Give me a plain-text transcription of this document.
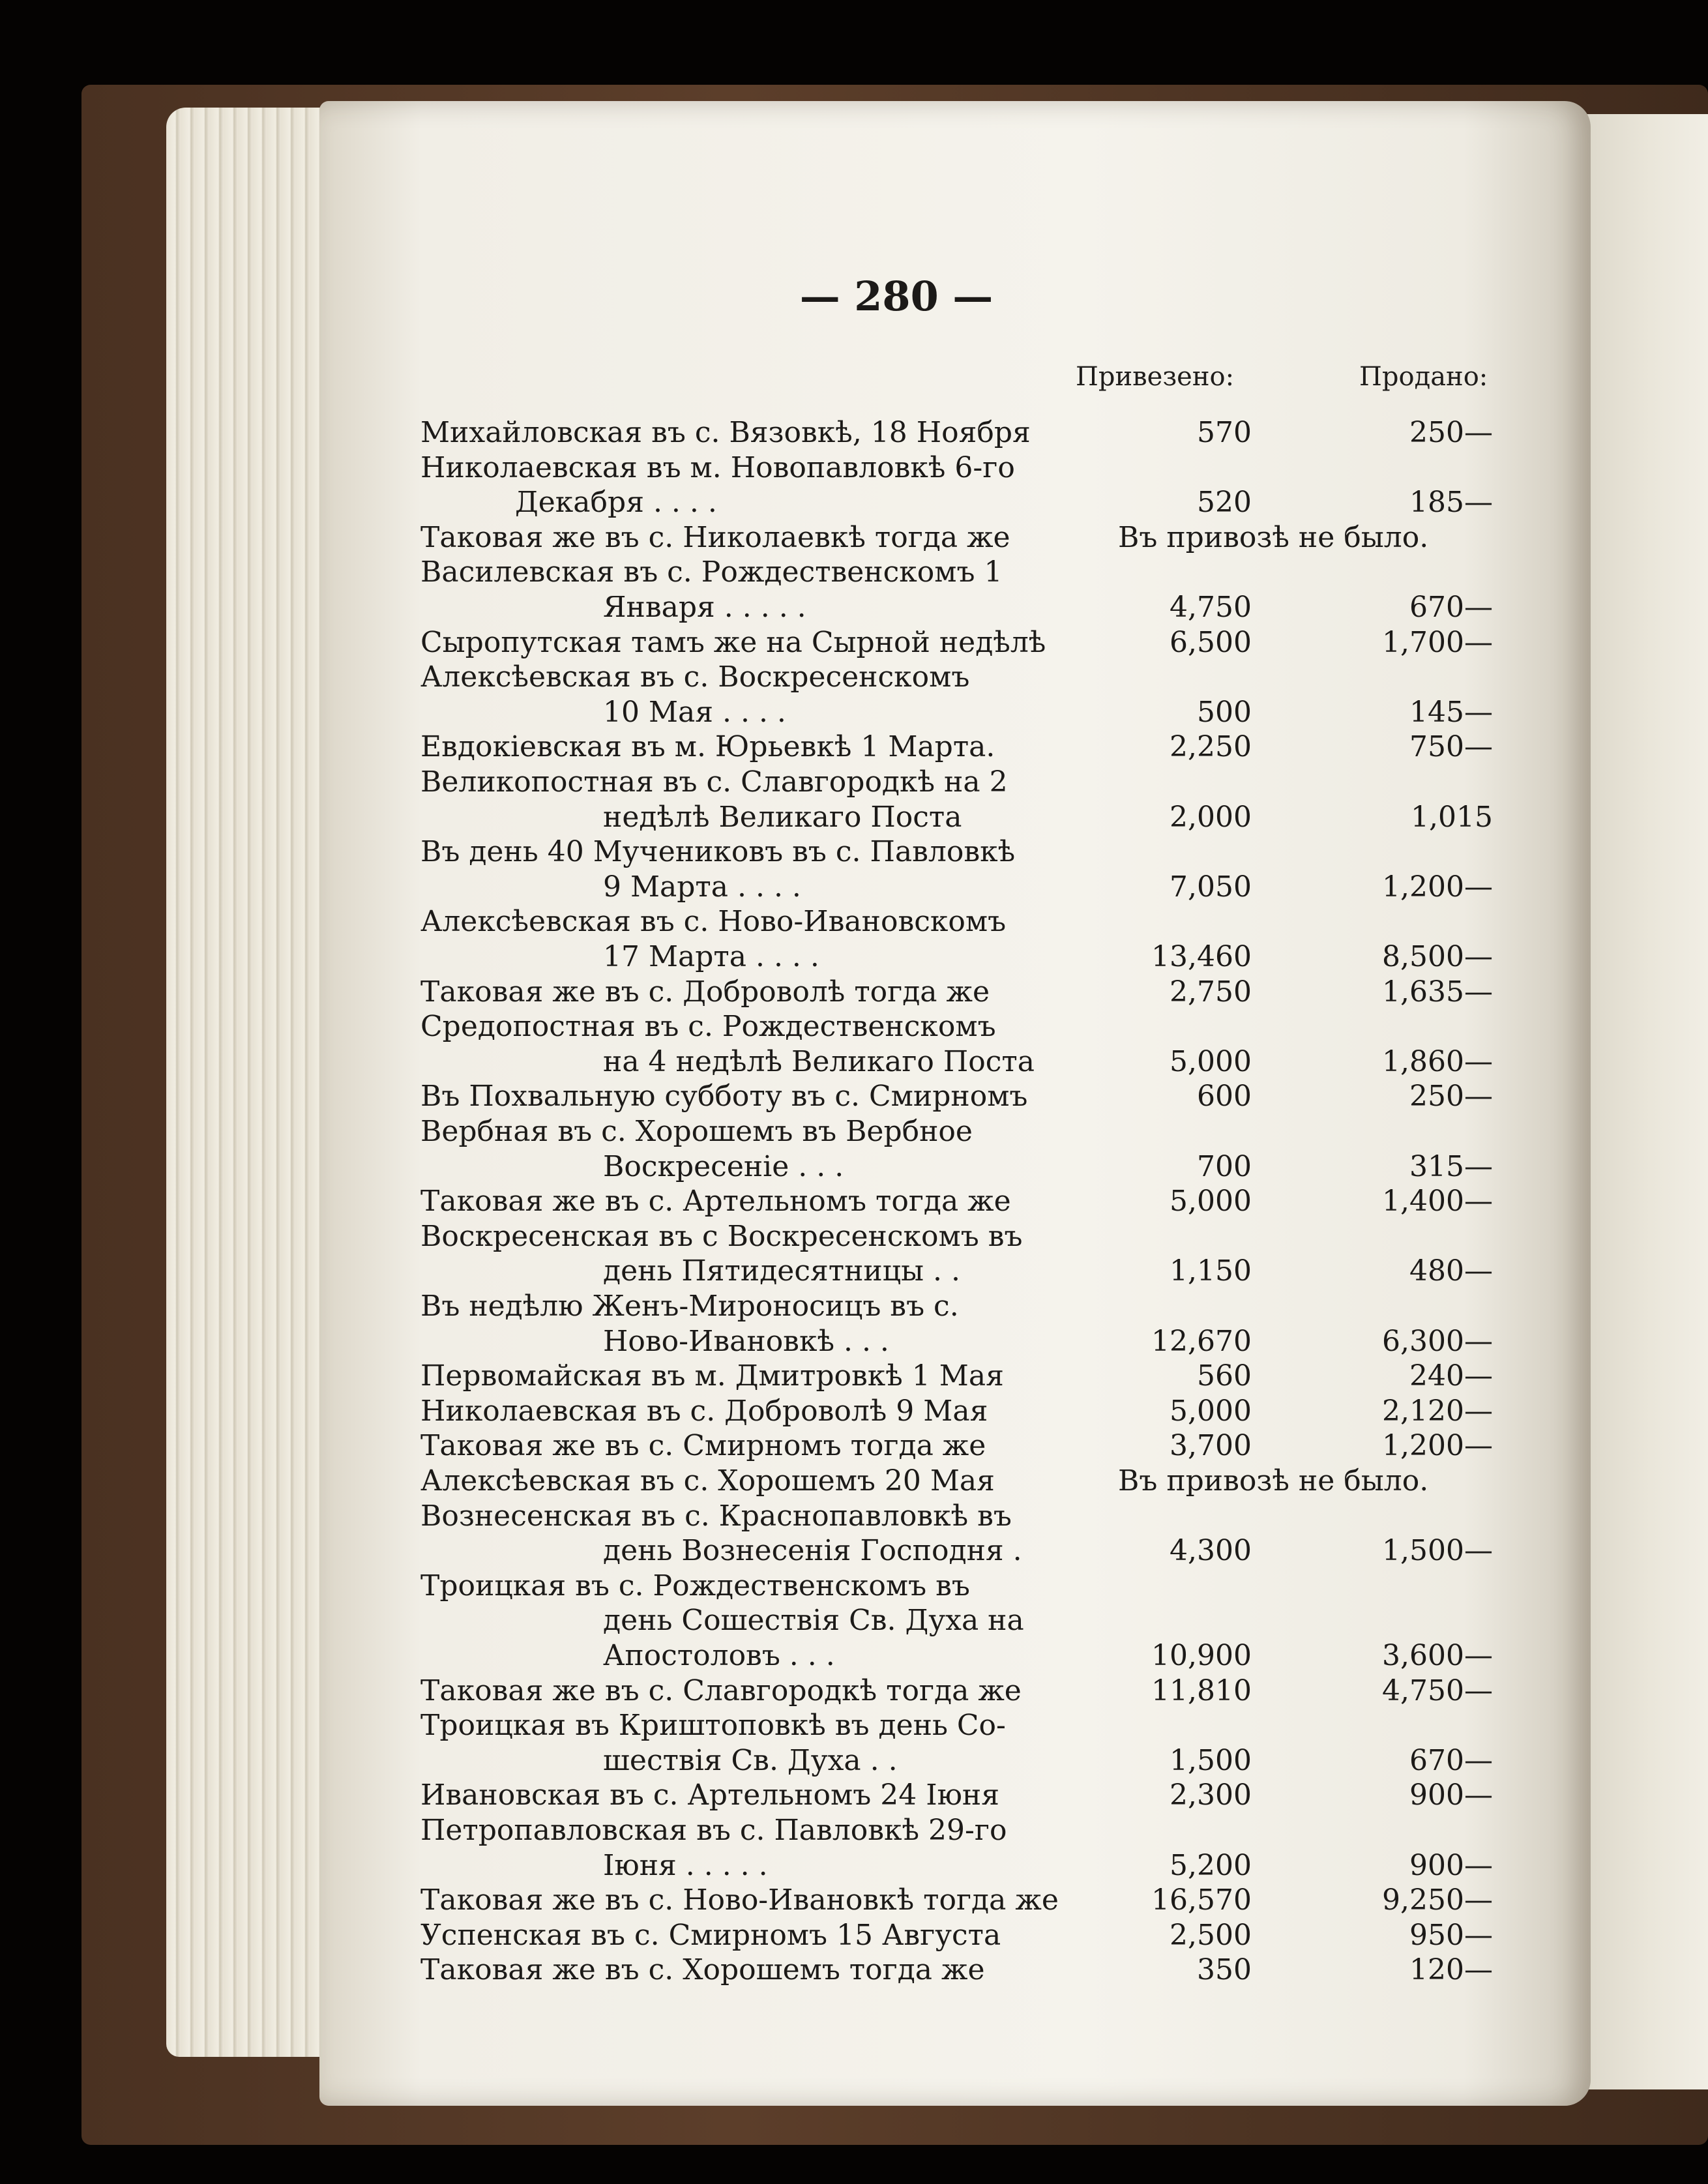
— 280 —
Привезено:	Продано:
Михайловская въ с. Вязовкѣ, 18 Ноября	570	250—
Николаевская въ м. Новопавловкѣ 6-го
Декабря . . . .	520	185—
Таковая же въ с. Николаевкѣ тогда же	Въ привозѣ не было.
Василевская въ с. Рождественскомъ 1
Января . . . . .	4,750	670—
Сыропутская тамъ же на Сырной недѣлѣ	6,500	1,700—
Алексѣевская въ с. Воскресенскомъ
10 Мая . . . .	500	145—
Евдокіевская въ м. Юрьевкѣ 1 Марта.	2,250	750—
Великопостная въ с. Славгородкѣ на 2
недѣлѣ Великаго Поста	2,000	1,015
Въ день 40 Мучениковъ въ с. Павловкѣ
9 Марта . . . .	7,050	1,200—
Алексѣевская въ с. Ново-Ивановскомъ
17 Марта . . . .	13,460	8,500—
Таковая же въ с. Доброволѣ тогда же	2,750	1,635—
Средопостная въ с. Рождественскомъ
на 4 недѣлѣ Великаго Поста	5,000	1,860—
Въ Похвальную субботу въ с. Смирномъ	600	250—
Вербная въ с. Хорошемъ въ Вербное
Воскресеніе . . .	700	315—
Таковая же въ с. Артельномъ тогда же	5,000	1,400—
Воскресенская въ с Воскресенскомъ въ
день Пятидесятницы . .	1,150	480—
Въ недѣлю Женъ-Мироносицъ въ с.
Ново-Ивановкѣ . . .	12,670	6,300—
Первомайская въ м. Дмитровкѣ 1 Мая	560	240—
Николаевская въ с. Доброволѣ 9 Мая	5,000	2,120—
Таковая же въ с. Смирномъ тогда же	3,700	1,200—
Алексѣевская въ с. Хорошемъ 20 Мая	Въ привозѣ не было.
Вознесенская въ с. Краснопавловкѣ въ
день Вознесенія Господня .	4,300	1,500—
Троицкая въ с. Рождественскомъ въ
день Сошествія Св. Духа на
Апостоловъ . . .	10,900	3,600—
Таковая же въ с. Славгородкѣ тогда же	11,810	4,750—
Троицкая въ Криштоповкѣ въ день Со-
шествія Св. Духа . .	1,500	670—
Ивановская въ с. Артельномъ 24 Іюня	2,300	900—
Петропавловская въ с. Павловкѣ 29-го
Іюня . . . . .	5,200	900—
Таковая же въ с. Ново-Ивановкѣ тогда же	16,570	9,250—
Успенская въ с. Смирномъ 15 Августа	2,500	950—
Таковая же въ с. Хорошемъ тогда же	350	120—
